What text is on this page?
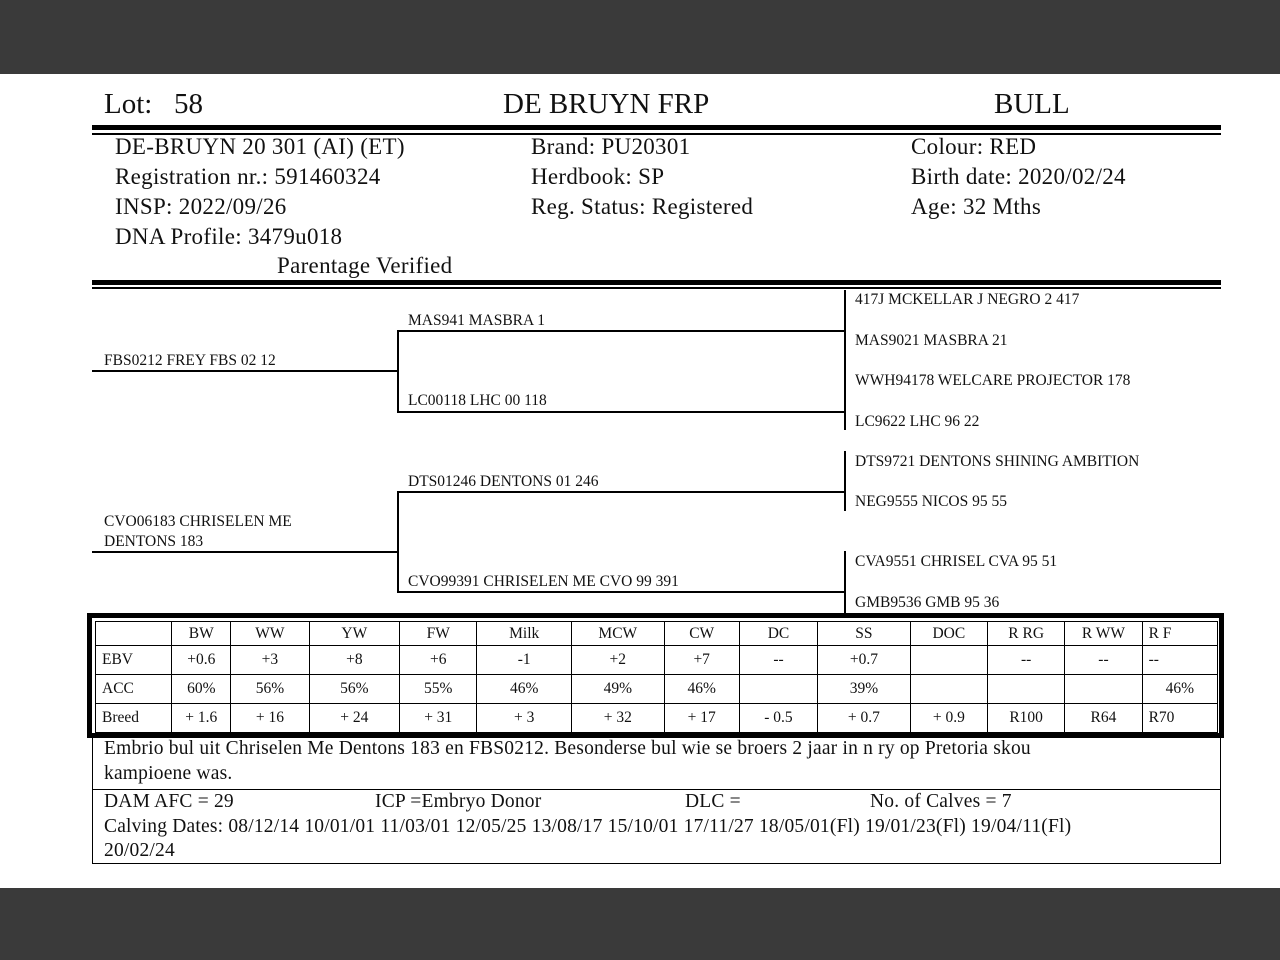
Lot: 58	DE BRUYN FRP	BULL
DE-BRUYN 20 301 (AI) (ET)
Registration nr.: 591460324
INSP: 2022/09/26
DNA Profile: 3479u018
Parentage Verified
Brand: PU20301
Herdbook: SP
Reg. Status: Registered
Colour: RED
Birth date: 2020/02/24
Age: 32 Mths
FBS0212 FREY FBS 02 12
CVO06183 CHRISELEN ME
DENTONS 183
MAS941 MASBRA 1
LC00118 LHC 00 118
DTS01246 DENTONS 01 246
CVO99391 CHRISELEN ME CVO 99 391
417J MCKELLAR J NEGRO 2 417
MAS9021 MASBRA 21
WWH94178 WELCARE PROJECTOR 178
LC9622 LHC 96 22
DTS9721 DENTONS SHINING AMBITION
NEG9555 NICOS 95 55
CVA9551 CHRISEL CVA 95 51
GMB9536 GMB 95 36
	BW	WW	YW	FW	Milk	MCW	CW	DC	SS	DOC	R RG	R WW	R F
EBV	+0.6	+3	+8	+6	-1	+2	+7	--	+0.7		--	--	--
ACC	60%	56%	56%	55%	46%	49%	46%		39%				46%
Breed	+ 1.6	+ 16	+ 24	+ 31	+ 3	+ 32	+ 17	- 0.5	+ 0.7	+ 0.9	R100	R64	R70
Embrio bul uit Chriselen Me Dentons 183 en FBS0212. Besonderse bul wie se broers 2 jaar in n ry op Pretoria skou
kampioene was.
DAM AFC = 29	ICP =Embryo Donor	DLC =	No. of Calves = 7
Calving Dates: 08/12/14 10/01/01 11/03/01 12/05/25 13/08/17 15/10/01 17/11/27 18/05/01(Fl) 19/01/23(Fl) 19/04/11(Fl)
20/02/24
